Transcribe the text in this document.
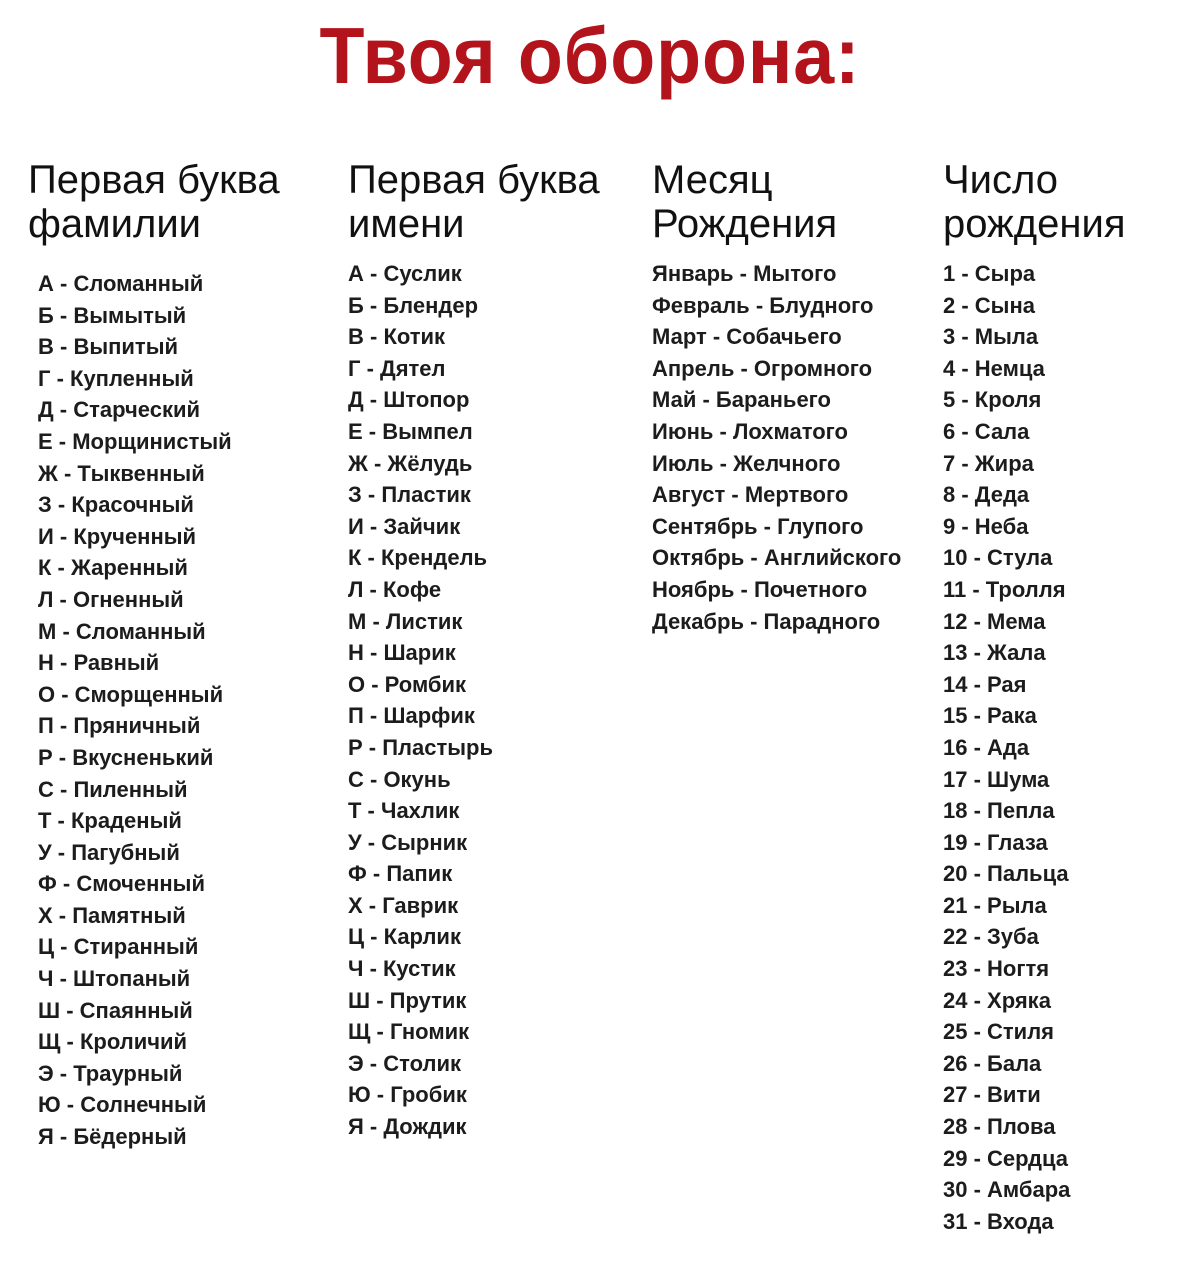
Твоя оборона:
Первая буква
фамилии
А - Сломанный
Б - Вымытый
В - Выпитый
Г - Купленный
Д - Старческий
Е - Морщинистый
Ж - Тыквенный
З - Красочный
И - Крученный
К - Жаренный
Л - Огненный
М - Сломанный
Н - Равный
О - Сморщенный
П - Пряничный
Р - Вкусненький
С - Пиленный
Т - Краденый
У - Пагубный
Ф - Смоченный
Х - Памятный
Ц - Стиранный
Ч - Штопаный
Ш - Спаянный
Щ - Кроличий
Э - Траурный
Ю - Солнечный
Я - Бёдерный
Первая буква
имени
А - Суслик
Б - Блендер
В - Котик
Г - Дятел
Д - Штопор
Е - Вымпел
Ж - Жёлудь
З - Пластик
И - Зайчик
К - Крендель
Л - Кофе
М - Листик
Н - Шарик
О - Ромбик
П - Шарфик
Р - Пластырь
С - Окунь
Т - Чахлик
У - Сырник
Ф - Папик
Х - Гаврик
Ц - Карлик
Ч - Кустик
Ш - Прутик
Щ - Гномик
Э - Столик
Ю - Гробик
Я - Дождик
Месяц
Рождения
Январь - Мытого
Февраль - Блудного
Март - Собачьего
Апрель - Огромного
Май - Бараньего
Июнь - Лохматого
Июль - Желчного
Август - Мертвого
Сентябрь - Глупого
Октябрь - Английского
Ноябрь - Почетного
Декабрь - Парадного
Число
рождения
1 - Сыра
2 - Сына
3 - Мыла
4 - Немца
5 - Кроля
6 - Сала
7 - Жира
8 - Деда
9 - Неба
10 - Стула
11 - Тролля
12 - Мема
13 - Жала
14 - Рая
15 - Рака
16 - Ада
17 - Шума
18 - Пепла
19 - Глаза
20 - Пальца
21 - Рыла
22 - Зуба
23 - Ногтя
24 - Хряка
25 - Стиля
26 - Бала
27 - Вити
28 - Плова
29 - Сердца
30 - Амбара
31 - Входа
